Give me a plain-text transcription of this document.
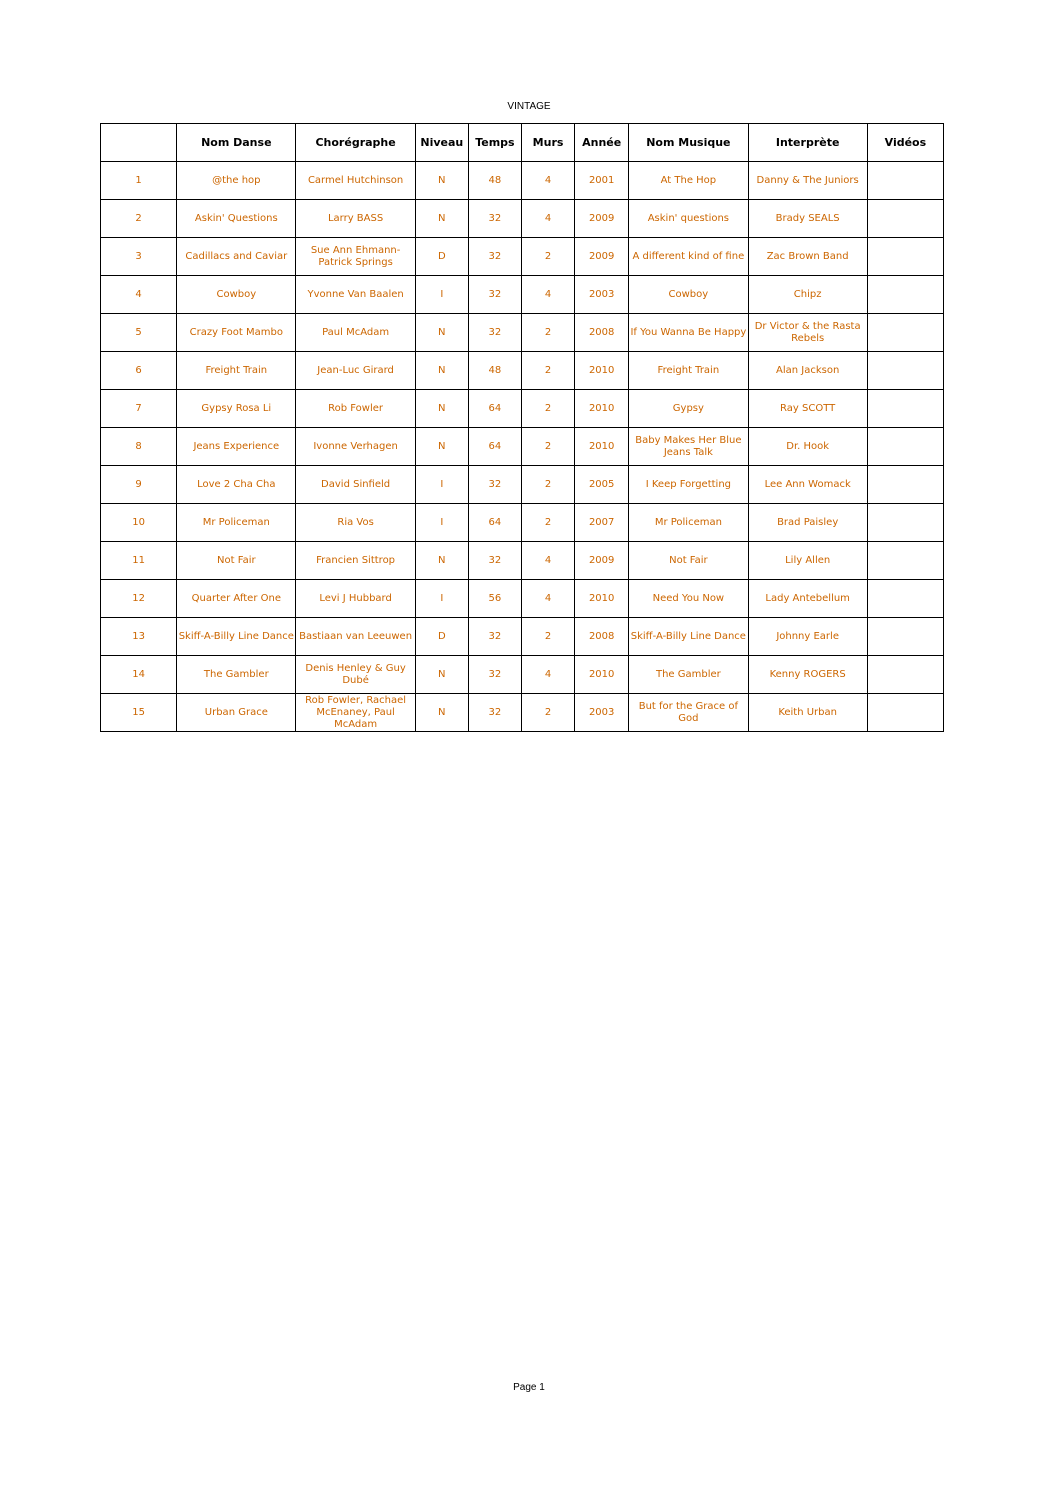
VINTAGE
	Nom Danse	Chorégraphe	Niveau	Temps	Murs	Année	Nom Musique	Interprète	Vidéos
1	@the hop	Carmel Hutchinson	N	48	4	2001	At The Hop	Danny & The Juniors	
2	Askin' Questions	Larry BASS	N	32	4	2009	Askin' questions	Brady SEALS	
3	Cadillacs and Caviar	Sue Ann Ehmann-Patrick Springs	D	32	2	2009	A different kind of fine	Zac Brown Band	
4	Cowboy	Yvonne Van Baalen	I	32	4	2003	Cowboy	Chipz	
5	Crazy Foot Mambo	Paul McAdam	N	32	2	2008	If You Wanna Be Happy	Dr Victor & the Rasta Rebels	
6	Freight Train	Jean-Luc Girard	N	48	2	2010	Freight Train	Alan Jackson	
7	Gypsy Rosa Li	Rob Fowler	N	64	2	2010	Gypsy	Ray SCOTT	
8	Jeans Experience	Ivonne Verhagen	N	64	2	2010	Baby Makes Her Blue Jeans Talk	Dr. Hook	
9	Love 2 Cha Cha	David Sinfield	I	32	2	2005	I Keep Forgetting	Lee Ann Womack	
10	Mr Policeman	Ria Vos	I	64	2	2007	Mr Policeman	Brad Paisley	
11	Not Fair	Francien Sittrop	N	32	4	2009	Not Fair	Lily Allen	
12	Quarter After One	Levi J Hubbard	I	56	4	2010	Need You Now	Lady Antebellum	
13	Skiff-A-Billy Line Dance	Bastiaan van Leeuwen	D	32	2	2008	Skiff-A-Billy Line Dance	Johnny Earle	
14	The Gambler	Denis Henley & Guy Dubé	N	32	4	2010	The Gambler	Kenny ROGERS	
15	Urban Grace	Rob Fowler, Rachael McEnaney, Paul McAdam	N	32	2	2003	But for the Grace of God	Keith Urban	
Page 1
